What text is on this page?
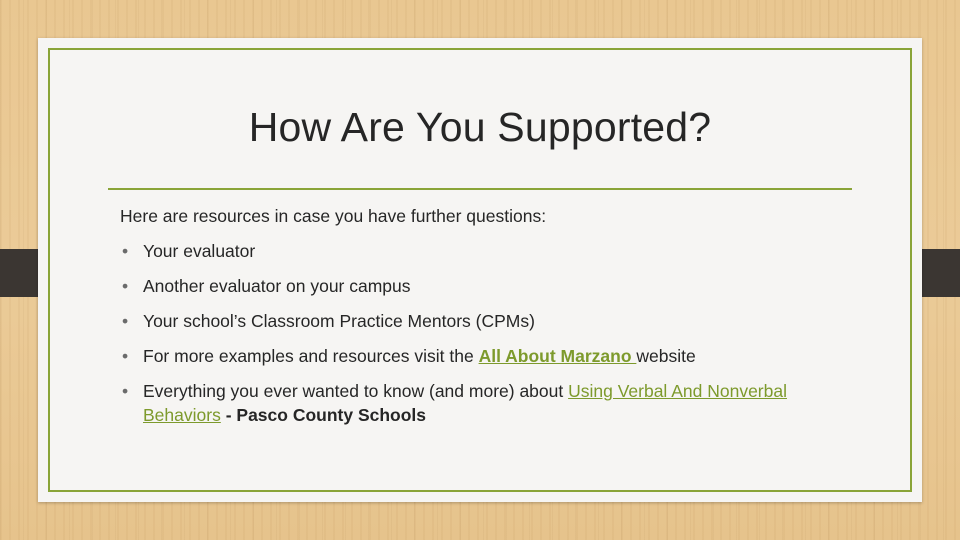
How Are You Supported?

Here are resources in case you have further questions:

• Your evaluator
• Another evaluator on your campus
• Your school’s Classroom Practice Mentors (CPMs)
• For more examples and resources visit the All About Marzano website
• Everything you ever wanted to know (and more) about Using Verbal And Nonverbal Behaviors - Pasco County Schools
